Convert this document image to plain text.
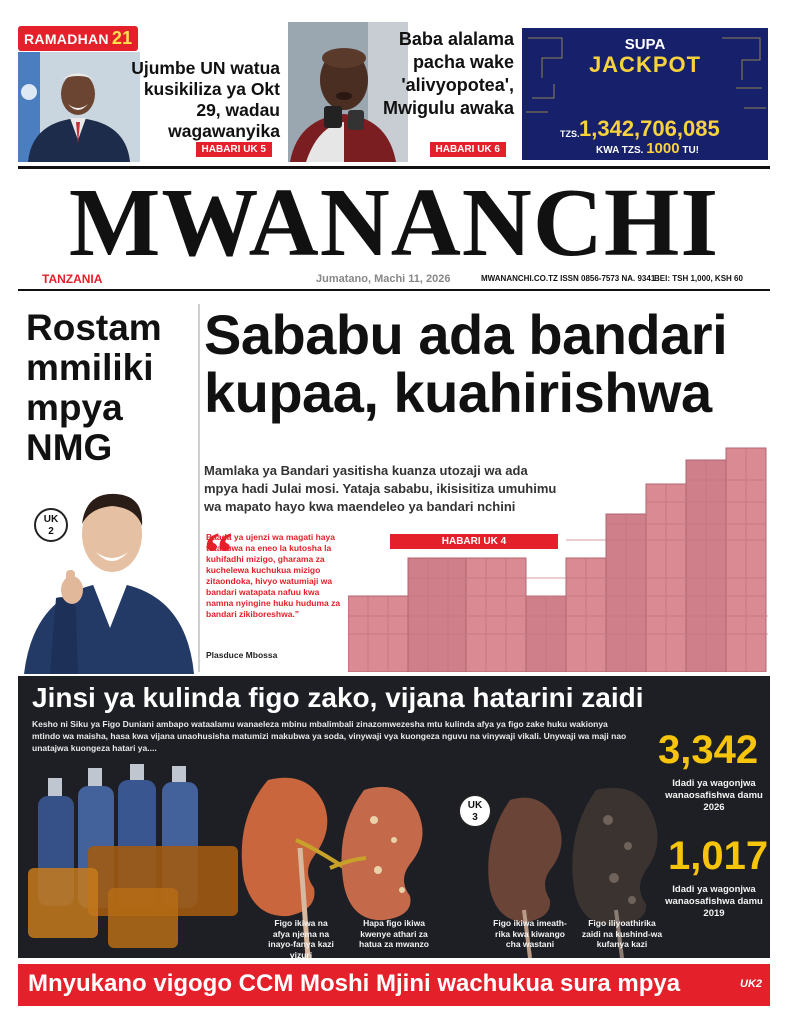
RAMADHAN 21
Ujumbe UN watua kusikiliza ya Okt 29, wadau wagawanyika
HABARI UK 5
Baba alalama pacha wake 'alivyopotea', Mwigulu awaka
HABARI UK 6
SUPA
JACKPOT
TZS. 1,342,706,085
KWA TZS. 1000 TU!
MWANANCHI
TANZANIA	Jumatano, Machi 11, 2026	MWANANCHI.CO.TZ ISSN 0856-7573 NA. 9341
BEI: TSH 1,000, KSH 60
Rostam mmiliki mpya NMG
UK
2
Sababu ada bandari kupaa, kuahirishwa
Mamlaka ya Bandari yasitisha kuanza utozaji wa ada mpya hadi Julai mosi. Yataja sababu, ikisisitiza umuhimu wa mapato hayo kwa maendeleo ya bandari nchini
HABARI UK 4
“
Baada ya ujenzi wa magati haya tutakuwa na eneo la kutosha la kuhifadhi mizigo, gharama za kuchelewa kuchukua mizigo zitaondoka, hivyo watumiaji wa bandari watapata nafuu kwa namna nyingine huku huduma za bandari zikiboreshwa.”
Plasduce Mbossa
Jinsi ya kulinda figo zako, vijana hatarini zaidi
Kesho ni Siku ya Figo Duniani ambapo wataalamu wanaeleza mbinu mbalimbali zinazomwezesha mtu kulinda afya ya figo zake huku wakionya mtindo wa maisha, hasa kwa vijana unaohusisha matumizi makubwa ya soda, vinywaji vya kuongeza nguvu na vinywaji vikali. Unywaji wa maji nao unatajwa kuongeza hatari ya....	3,342
Idadi ya wagonjwa wanaosafishwa damu 2026
1,017
Idadi ya wagonjwa wanaosafishwa damu 2019
UK
3
Figo ikiwa na afya njema na inayo-fanya kazi vizuri
Hapa figo ikiwa kwenye athari za hatua za mwanzo
Figo ikiwa imeath-rika kwa kiwango cha wastani
Figo iliyoathirika zaidi na kushind-wa kufanya kazi
Mnyukano vigogo CCM Moshi Mjini wachukua sura mpya	UK2
